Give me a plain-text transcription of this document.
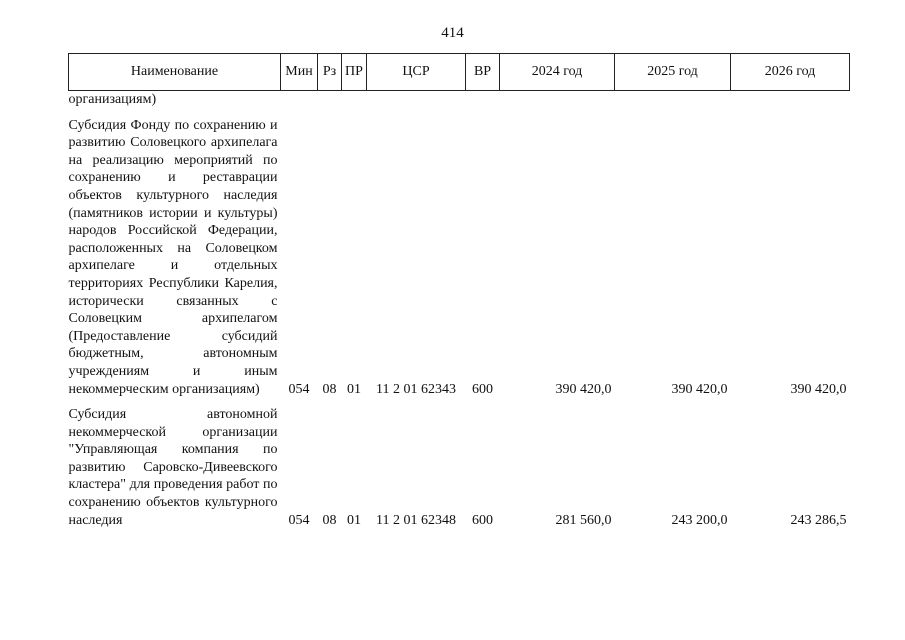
414
Наименование	Мин	Рз	ПР	ЦСР	ВР	2024 год	2025 год	2026 год
организациям)								

Субсидия Фонду по сохранению и развитию Соловецкого архипелага на реализацию мероприятий по сохранению и реставрации объектов культурного наследия (памятников истории и культуры) народов Российской Федерации, расположенных на Соловецком архипелаге и отдельных территориях Республики Карелия, исторически связанных с Соловецким архипелагом (Предоставление субсидий бюджетным, автономным учреждениям и иным некоммерческим организациям)	054	08	01	11 2 01 62343	600	390 420,0	390 420,0	390 420,0

Субсидия автономной некоммерческой организации "Управляющая компания по развитию Саровско-Дивеевского кластера" для проведения работ по сохранению объектов культурного наследия	054	08	01	11 2 01 62348	600	281 560,0	243 200,0	243 286,5
